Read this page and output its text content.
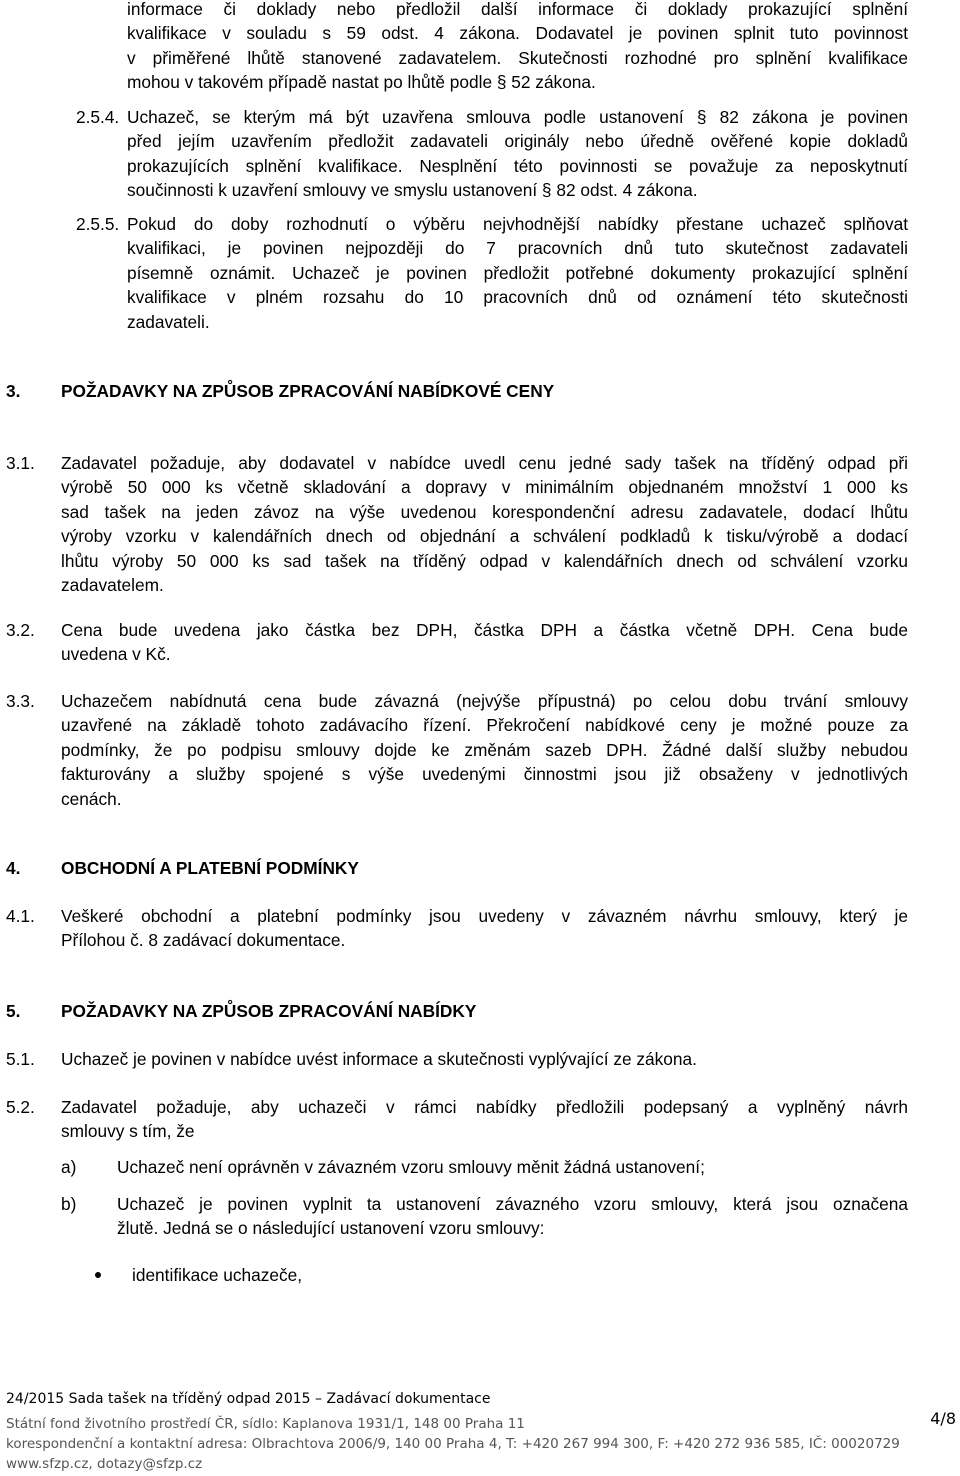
informace či doklady nebo předložil další informace či doklady prokazující splnění
kvalifikace v souladu s 59 odst. 4 zákona. Dodavatel je povinen splnit tuto povinnost
v přiměřené lhůtě stanovené zadavatelem. Skutečnosti rozhodné pro splnění kvalifikace
mohou v takovém případě nastat po lhůtě podle § 52 zákona.
2.5.4. Uchazeč, se kterým má být uzavřena smlouva podle ustanovení § 82 zákona je povinen
před jejím uzavřením předložit zadavateli originály nebo úředně ověřené kopie dokladů
prokazujících splnění kvalifikace. Nesplnění této povinnosti se považuje za neposkytnutí
součinnosti k uzavření smlouvy ve smyslu ustanovení § 82 odst. 4 zákona.
2.5.5. Pokud do doby rozhodnutí o výběru nejvhodnější nabídky přestane uchazeč splňovat
kvalifikaci, je povinen nejpozději do 7 pracovních dnů tuto skutečnost zadavateli
písemně oznámit. Uchazeč je povinen předložit potřebné dokumenty prokazující splnění
kvalifikace v plném rozsahu do 10 pracovních dnů od oznámení této skutečnosti
zadavateli.
3. POŽADAVKY NA ZPŮSOB ZPRACOVÁNÍ NABÍDKOVÉ CENY
3.1. Zadavatel požaduje, aby dodavatel v nabídce uvedl cenu jedné sady tašek na tříděný odpad při
výrobě 50 000 ks včetně skladování a dopravy v minimálním objednaném množství 1 000 ks
sad tašek na jeden závoz na výše uvedenou korespondenční adresu zadavatele, dodací lhůtu
výroby vzorku v kalendářních dnech od objednání a schválení podkladů k tisku/výrobě a dodací
lhůtu výroby 50 000 ks sad tašek na tříděný odpad v kalendářních dnech od schválení vzorku
zadavatelem.
3.2. Cena bude uvedena jako částka bez DPH, částka DPH a částka včetně DPH. Cena bude
uvedena v Kč.
3.3. Uchazečem nabídnutá cena bude závazná (nejvýše přípustná) po celou dobu trvání smlouvy
uzavřené na základě tohoto zadávacího řízení. Překročení nabídkové ceny je možné pouze za
podmínky, že po podpisu smlouvy dojde ke změnám sazeb DPH. Žádné další služby nebudou
fakturovány a služby spojené s výše uvedenými činnostmi jsou již obsaženy v jednotlivých
cenách.
4. OBCHODNÍ A PLATEBNÍ PODMÍNKY
4.1. Veškeré obchodní a platební podmínky jsou uvedeny v závazném návrhu smlouvy, který je
Přílohou č. 8 zadávací dokumentace.
5. POŽADAVKY NA ZPŮSOB ZPRACOVÁNÍ NABÍDKY
5.1. Uchazeč je povinen v nabídce uvést informace a skutečnosti vyplývající ze zákona.
5.2. Zadavatel požaduje, aby uchazeči v rámci nabídky předložili podepsaný a vyplněný návrh
smlouvy s tím, že
a) Uchazeč není oprávněn v závazném vzoru smlouvy měnit žádná ustanovení;
b) Uchazeč je povinen vyplnit ta ustanovení závazného vzoru smlouvy, která jsou označena
žlutě. Jedná se o následující ustanovení vzoru smlouvy:
identifikace uchazeče,
24/2015 Sada tašek na tříděný odpad 2015 – Zadávací dokumentace
Státní fond životního prostředí ČR, sídlo: Kaplanova 1931/1, 148 00 Praha 11
korespondenční a kontaktní adresa: Olbrachtova 2006/9, 140 00 Praha 4, T: +420 267 994 300, F: +420 272 936 585, IČ: 00020729
www.sfzp.cz, dotazy@sfzp.cz
4/8
